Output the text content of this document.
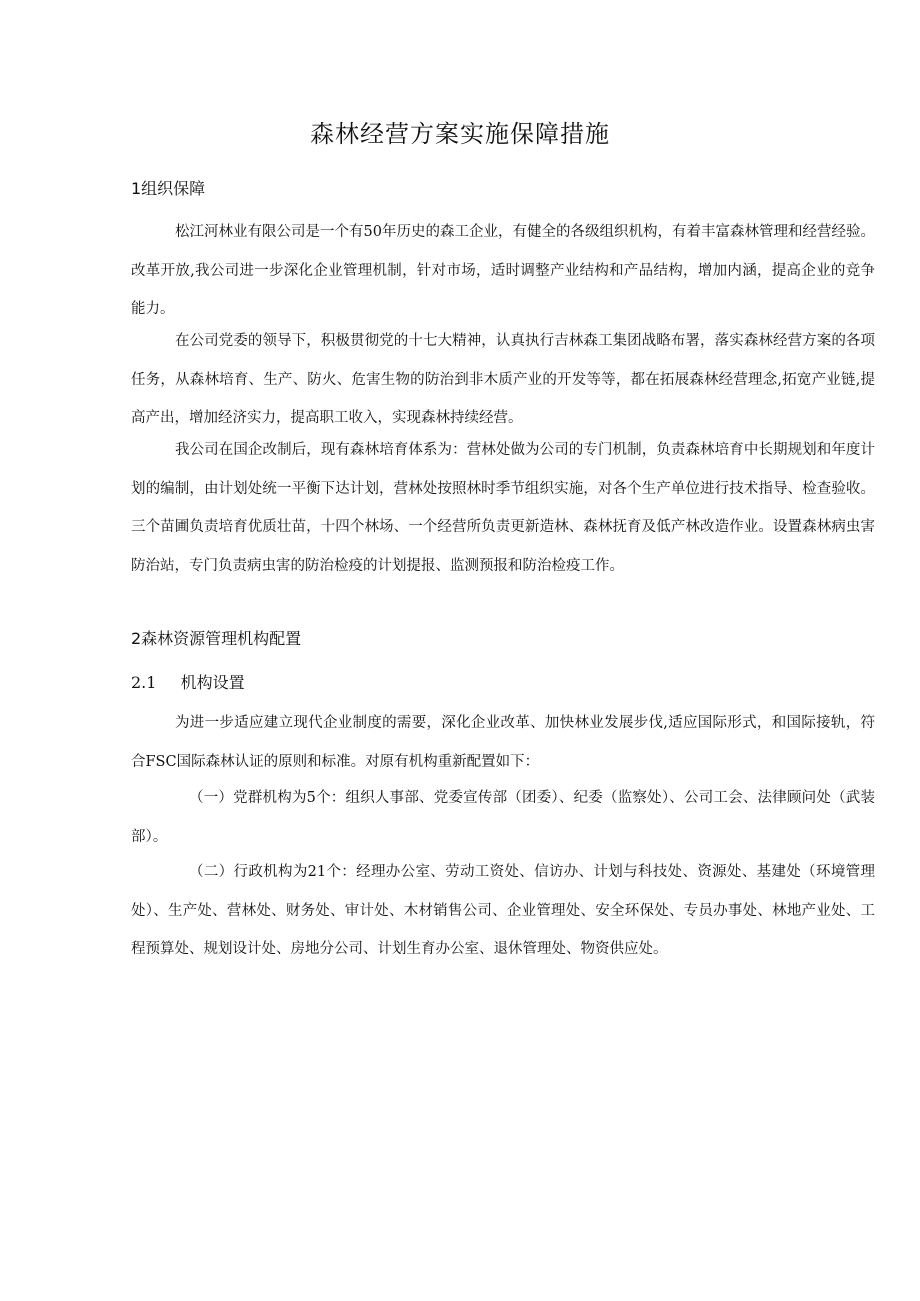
森林经营方案实施保障措施
1组织保障

松江河林业有限公司是一个有50年历史的森工企业，有健全的各级组织机构，有着丰富森林管理和经营经验。改革开放,我公司进一步深化企业管理机制，针对市场，适时调整产业结构和产品结构，增加内涵，提高企业的竞争能力。

在公司党委的领导下，积极贯彻党的十七大精神，认真执行吉林森工集团战略布署，落实森林经营方案的各项任务，从森林培育、生产、防火、危害生物的防治到非木质产业的开发等等，都在拓展森林经营理念,拓宽产业链,提高产出，增加经济实力，提高职工收入，实现森林持续经营。

我公司在国企改制后，现有森林培育体系为：营林处做为公司的专门机制，负责森林培育中长期规划和年度计划的编制，由计划处统一平衡下达计划，营林处按照林时季节组织实施，对各个生产单位进行技术指导、检查验收。三个苗圃负责培育优质壮苗，十四个林场、一个经营所负责更新造林、森林抚育及低产林改造作业。设置森林病虫害防治站，专门负责病虫害的防治检疫的计划提报、监测预报和防治检疫工作。

2森林资源管理机构配置
2.1 机构设置

为进一步适应建立现代企业制度的需要，深化企业改革、加快林业发展步伐,适应国际形式，和国际接轨，符合FSC国际森林认证的原则和标准。对原有机构重新配置如下：

（一）党群机构为5个：组织人事部、党委宣传部（团委）、纪委（监察处）、公司工会、法律顾问处（武装部）。

（二）行政机构为21个：经理办公室、劳动工资处、信访办、计划与科技处、资源处、基建处（环境管理处）、生产处、营林处、财务处、审计处、木材销售公司、企业管理处、安全环保处、专员办事处、林地产业处、工程预算处、规划设计处、房地分公司、计划生育办公室、退休管理处、物资供应处。
